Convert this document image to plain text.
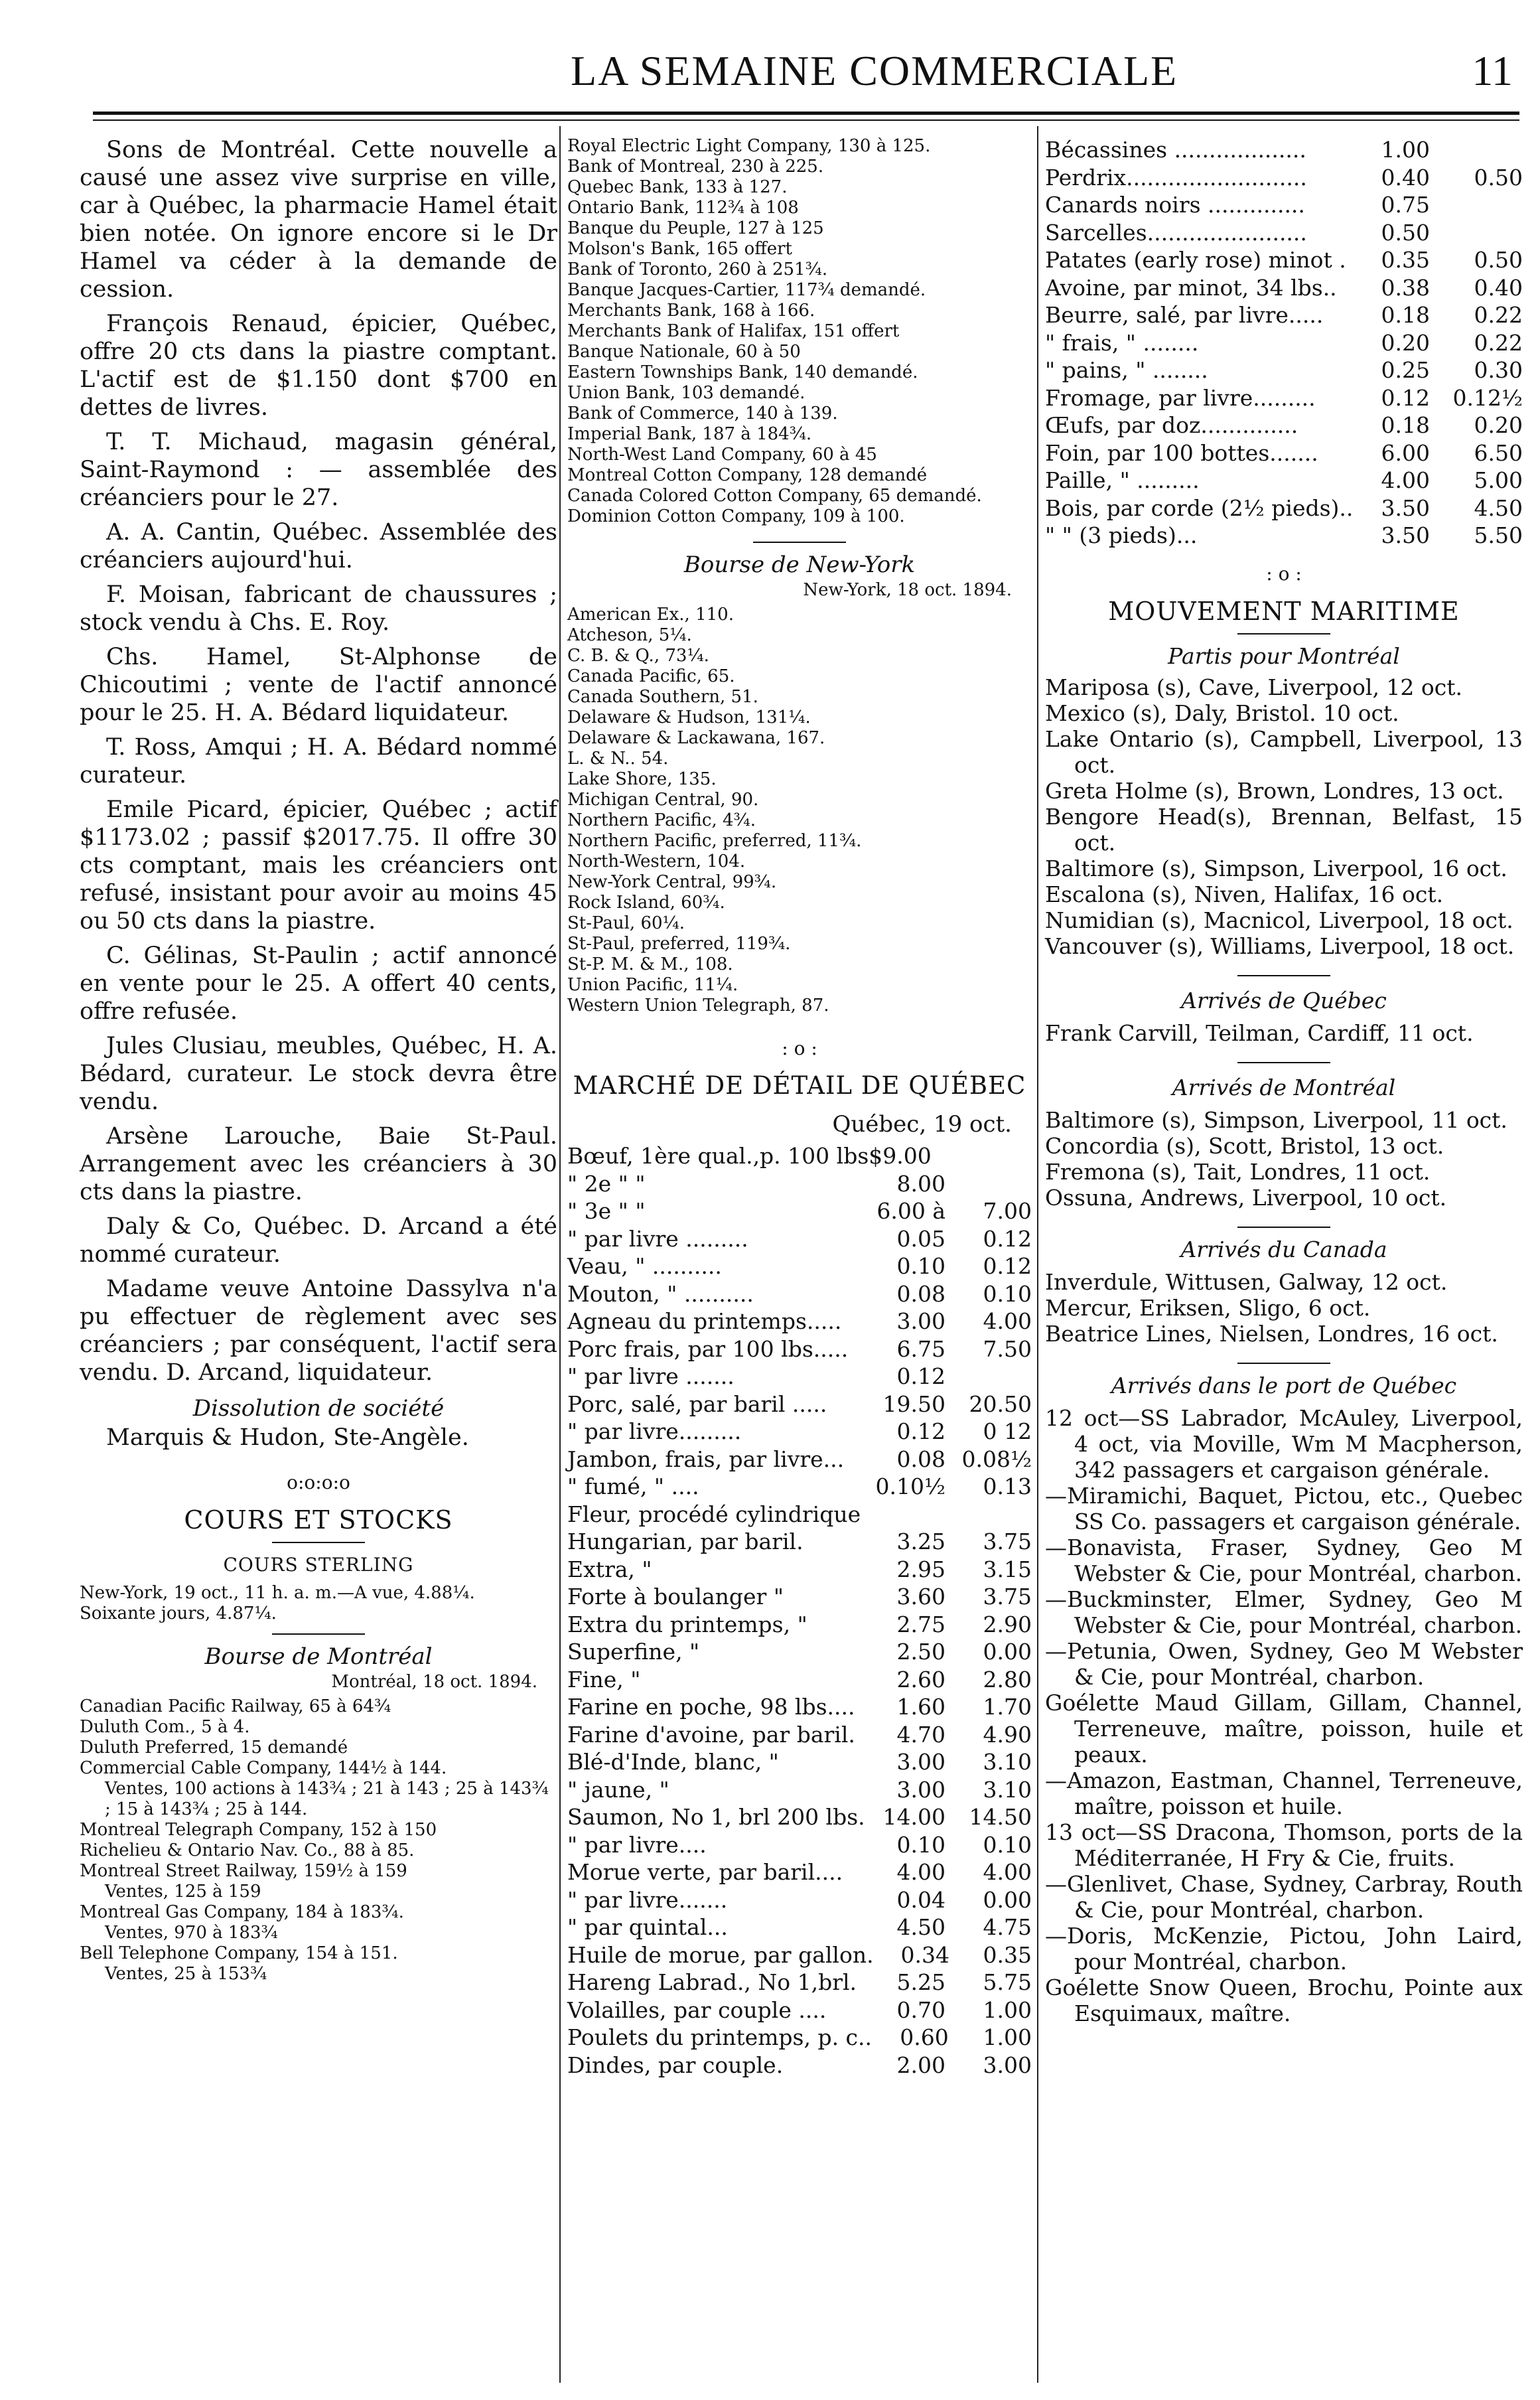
LA SEMAINE COMMERCIALE	11
Sons de Montréal. Cette nouvelle a causé une assez vive surprise en ville, car à Québec, la pharmacie Hamel était bien notée. On ignore encore si le Dr Hamel va céder à la demande de cession.
François Renaud, épicier, Québec, offre 20 cts dans la piastre comptant. L'actif est de $1.150 dont $700 en dettes de livres.
T. T. Michaud, magasin général, Saint-Raymond : — assemblée des créanciers pour le 27.
A. A. Cantin, Québec. Assemblée des créanciers aujourd'hui.
F. Moisan, fabricant de chaussures ; stock vendu à Chs. E. Roy.
Chs. Hamel, St-Alphonse de Chicoutimi ; vente de l'actif annoncé pour le 25. H. A. Bédard liquidateur.
T. Ross, Amqui ; H. A. Bédard nommé curateur.
Emile Picard, épicier, Québec ; actif $1173.02 ; passif $2017.75. Il offre 30 cts comptant, mais les créanciers ont refusé, insistant pour avoir au moins 45 ou 50 cts dans la piastre.
C. Gélinas, St-Paulin ; actif annoncé en vente pour le 25. A offert 40 cents, offre refusée.
Jules Clusiau, meubles, Québec, H. A. Bédard, curateur. Le stock devra être vendu.
Arsène Larouche, Baie St-Paul. Arrangement avec les créanciers à 30 cts dans la piastre.
Daly & Co, Québec. D. Arcand a été nommé curateur.
Madame veuve Antoine Dassylva n'a pu effectuer de règlement avec ses créanciers ; par conséquent, l'actif sera vendu. D. Arcand, liquidateur.
Dissolution de société
Marquis & Hudon, Ste-Angèle.
o:o:o:o
COURS ET STOCKS
COURS STERLING
New-York, 19 oct., 11 h. a. m.—A vue, 4.88¼.
Soixante jours, 4.87¼.
Bourse de Montréal
Montréal, 18 oct. 1894.
Canadian Pacific Railway, 65 à 64¾
Duluth Com., 5 à 4.
Duluth Preferred, 15 demandé
Commercial Cable Company, 144½ à 144.
Ventes, 100 actions à 143¾ ; 21 à 143 ; 25 à 143¾ ; 15 à 143¾ ; 25 à 144.
Montreal Telegraph Company, 152 à 150
Richelieu & Ontario Nav. Co., 88 à 85.
Montreal Street Railway, 159½ à 159
Ventes, 125 à 159
Montreal Gas Company, 184 à 183¾.
Ventes, 970 à 183¾
Bell Telephone Company, 154 à 151.
Ventes, 25 à 153¾
Royal Electric Light Company, 130 à 125.
Bank of Montreal, 230 à 225.
Quebec Bank, 133 à 127.
Ontario Bank, 112¾ à 108
Banque du Peuple, 127 à 125
Molson's Bank, 165 offert
Bank of Toronto, 260 à 251¾.
Banque Jacques-Cartier, 117¾ demandé.
Merchants Bank, 168 à 166.
Merchants Bank of Halifax, 151 offert
Banque Nationale, 60 à 50
Eastern Townships Bank, 140 demandé.
Union Bank, 103 demandé.
Bank of Commerce, 140 à 139.
Imperial Bank, 187 à 184¾.
North-West Land Company, 60 à 45
Montreal Cotton Company, 128 demandé
Canada Colored Cotton Company, 65 demandé.
Dominion Cotton Company, 109 à 100.
Bourse de New-York
New-York, 18 oct. 1894.
American Ex., 110.
Atcheson, 5¼.
C. B. & Q., 73¼.
Canada Pacific, 65.
Canada Southern, 51.
Delaware & Hudson, 131¼.
Delaware & Lackawana, 167.
L. & N.. 54.
Lake Shore, 135.
Michigan Central, 90.
Northern Pacific, 4¾.
Northern Pacific, preferred, 11¾.
North-Western, 104.
New-York Central, 99¾.
Rock Island, 60¾.
St-Paul, 60¼.
St-Paul, preferred, 119¾.
St-P. M. & M., 108.
Union Pacific, 11¼.
Western Union Telegraph, 87.
: o :
MARCHÉ DE DÉTAIL DE QUÉBEC
Québec, 19 oct.
Bœuf, 1ère qual.,p. 100 lbs$9.00
" 2e " "	8.00
" 3e " "	6.00 à	7.00
" par livre .........	0.05	0.12
Veau, " ..........	0.10	0.12
Mouton, " ..........	0.08	0.10
Agneau du printemps.....	3.00	4.00
Porc frais, par 100 lbs.....	6.75	7.50
" par livre .......	0.12
Porc, salé, par baril .....	19.50	20.50
" par livre.........	0.12	0 12
Jambon, frais, par livre...	0.08 0.08½
" fumé, " ....	0.10½	0.13
Fleur, procédé cylindrique
Hungarian, par baril.	3.25	3.75
Extra, "	2.95	3.15
Forte à boulanger "	3.60	3.75
Extra du printemps, "	2.75	2.90
Superfine, "	2.50	0.00
Fine, "	2.60	2.80
Farine en poche, 98 lbs....	1.60	1.70
Farine d'avoine, par baril.	4.70	4.90
Blé-d'Inde, blanc, "	3.00	3.10
" jaune, "	3.00	3.10
Saumon, No 1, brl 200 lbs. 14.00	14.50
" par livre....	0.10	0.10
Morue verte, par baril....	4.00	4.00
" par livre.......	0.04	0.00
" par quintal...	4.50	4.75
Huile de morue, par gallon.	0.34	0.35
Hareng Labrad., No 1,brl.	5.25	5.75
Volailles, par couple ....	0.70	1.00
Poulets du printemps, p. c..	0.60	1.00
Dindes, par couple.	2.00	3.00
Bécassines ...................	1.00
Perdrix..........................	0.40	0.50
Canards noirs ..............	0.75
Sarcelles.......................	0.50
Patates (early rose) minot .	0.35	0.50
Avoine, par minot, 34 lbs..	0.38	0.40
Beurre, salé, par livre.....	0.18	0.22
" frais, " ........	0.20	0.22
" pains, " ........	0.25	0.30
Fromage, par livre.........	0.12	0.12½
Œufs, par doz..............	0.18	0.20
Foin, par 100 bottes.......	6.00	6.50
Paille, " .........	4.00	5.00
Bois, par corde (2½ pieds)..	3.50	4.50
" " (3 pieds)...	3.50	5.50
: o :
MOUVEMENT MARITIME
Partis pour Montréal
Mariposa (s), Cave, Liverpool, 12 oct.
Mexico (s), Daly, Bristol. 10 oct.
Lake Ontario (s), Campbell, Liverpool, 13 oct.
Greta Holme (s), Brown, Londres, 13 oct.
Bengore Head(s), Brennan, Belfast, 15 oct.
Baltimore (s), Simpson, Liverpool, 16 oct.
Escalona (s), Niven, Halifax, 16 oct.
Numidian (s), Macnicol, Liverpool, 18 oct.
Vancouver (s), Williams, Liverpool, 18 oct.
Arrivés de Québec
Frank Carvill, Teilman, Cardiff, 11 oct.
Arrivés de Montréal
Baltimore (s), Simpson, Liverpool, 11 oct.
Concordia (s), Scott, Bristol, 13 oct.
Fremona (s), Tait, Londres, 11 oct.
Ossuna, Andrews, Liverpool, 10 oct.
Arrivés du Canada
Inverdule, Wittusen, Galway, 12 oct.
Mercur, Eriksen, Sligo, 6 oct.
Beatrice Lines, Nielsen, Londres, 16 oct.
Arrivés dans le port de Québec
12 oct—SS Labrador, McAuley, Liverpool, 4 oct, via Moville, Wm M Macpherson, 342 passagers et cargaison générale.
—Miramichi, Baquet, Pictou, etc., Quebec SS Co. passagers et cargaison générale.
—Bonavista, Fraser, Sydney, Geo M Webster & Cie, pour Montréal, charbon.
—Buckminster, Elmer, Sydney, Geo M Webster & Cie, pour Montréal, charbon.
—Petunia, Owen, Sydney, Geo M Webster & Cie, pour Montréal, charbon.
Goélette Maud Gillam, Gillam, Channel, Terreneuve, maître, poisson, huile et peaux.
—Amazon, Eastman, Channel, Terreneuve, maître, poisson et huile.
13 oct—SS Dracona, Thomson, ports de la Méditerranée, H Fry & Cie, fruits.
—Glenlivet, Chase, Sydney, Carbray, Routh & Cie, pour Montréal, charbon.
—Doris, McKenzie, Pictou, John Laird, pour Montréal, charbon.
Goélette Snow Queen, Brochu, Pointe aux Esquimaux, maître.
